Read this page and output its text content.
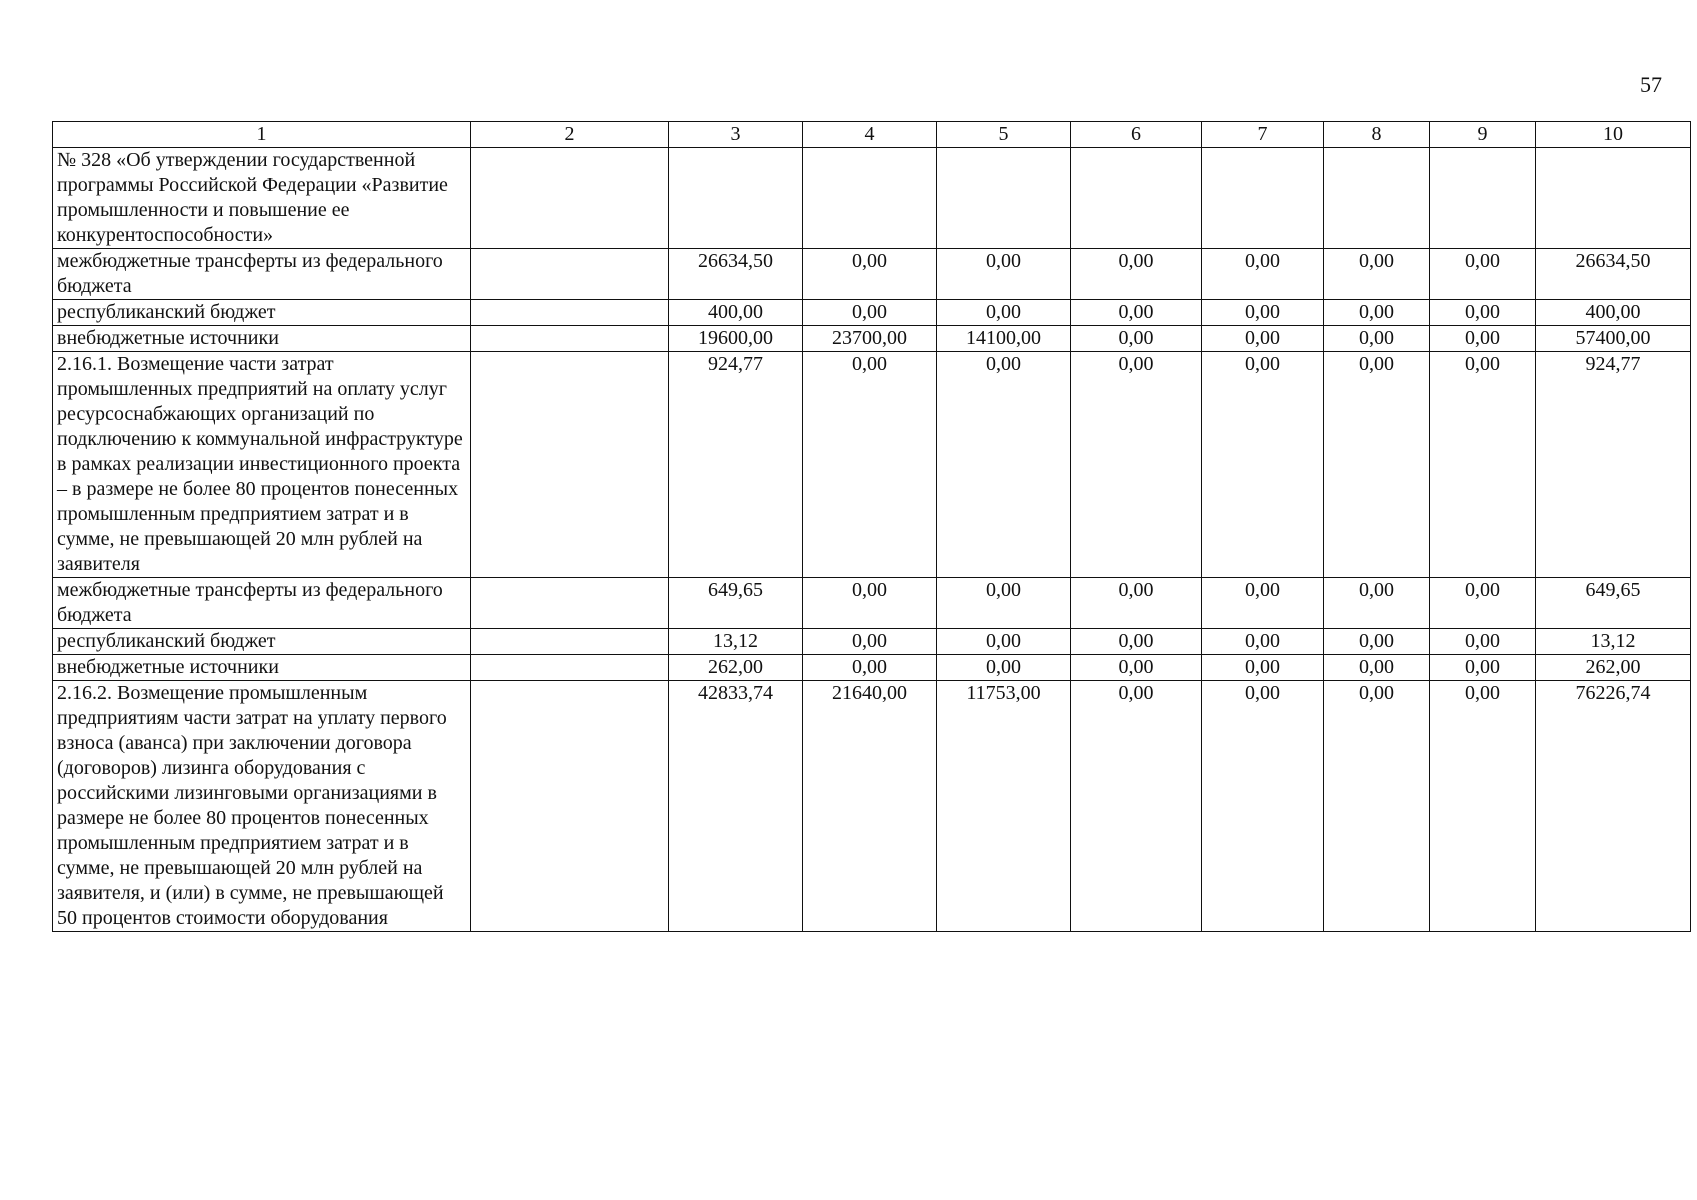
57
1	2	3	4	5	6	7	8	9	10
№ 328 «Об утверждении государственной программы Российской Федерации «Развитие промышленности и повышение ее конкурентоспособности»									
межбюджетные трансферты из федерального бюджета		26634,50	0,00	0,00	0,00	0,00	0,00	0,00	26634,50
республиканский бюджет		400,00	0,00	0,00	0,00	0,00	0,00	0,00	400,00
внебюджетные источники		19600,00	23700,00	14100,00	0,00	0,00	0,00	0,00	57400,00
2.16.1. Возмещение части затрат промышленных предприятий на оплату услуг ресурсоснабжающих организаций по подключению к коммунальной инфраструктуре в рамках реализации инвестиционного проекта – в размере не более 80 процентов понесенных промышленным предприятием затрат и в сумме, не превышающей 20 млн рублей на заявителя		924,77	0,00	0,00	0,00	0,00	0,00	0,00	924,77
межбюджетные трансферты из федерального бюджета		649,65	0,00	0,00	0,00	0,00	0,00	0,00	649,65
республиканский бюджет		13,12	0,00	0,00	0,00	0,00	0,00	0,00	13,12
внебюджетные источники		262,00	0,00	0,00	0,00	0,00	0,00	0,00	262,00
2.16.2. Возмещение промышленным предприятиям части затрат на уплату первого взноса (аванса) при заключении договора (договоров) лизинга оборудования с российскими лизинговыми организациями в размере не более 80 процентов понесенных промышленным предприятием затрат и в сумме, не превышающей 20 млн рублей на заявителя, и (или) в сумме, не превышающей 50 процентов стоимости оборудования		42833,74	21640,00	11753,00	0,00	0,00	0,00	0,00	76226,74
